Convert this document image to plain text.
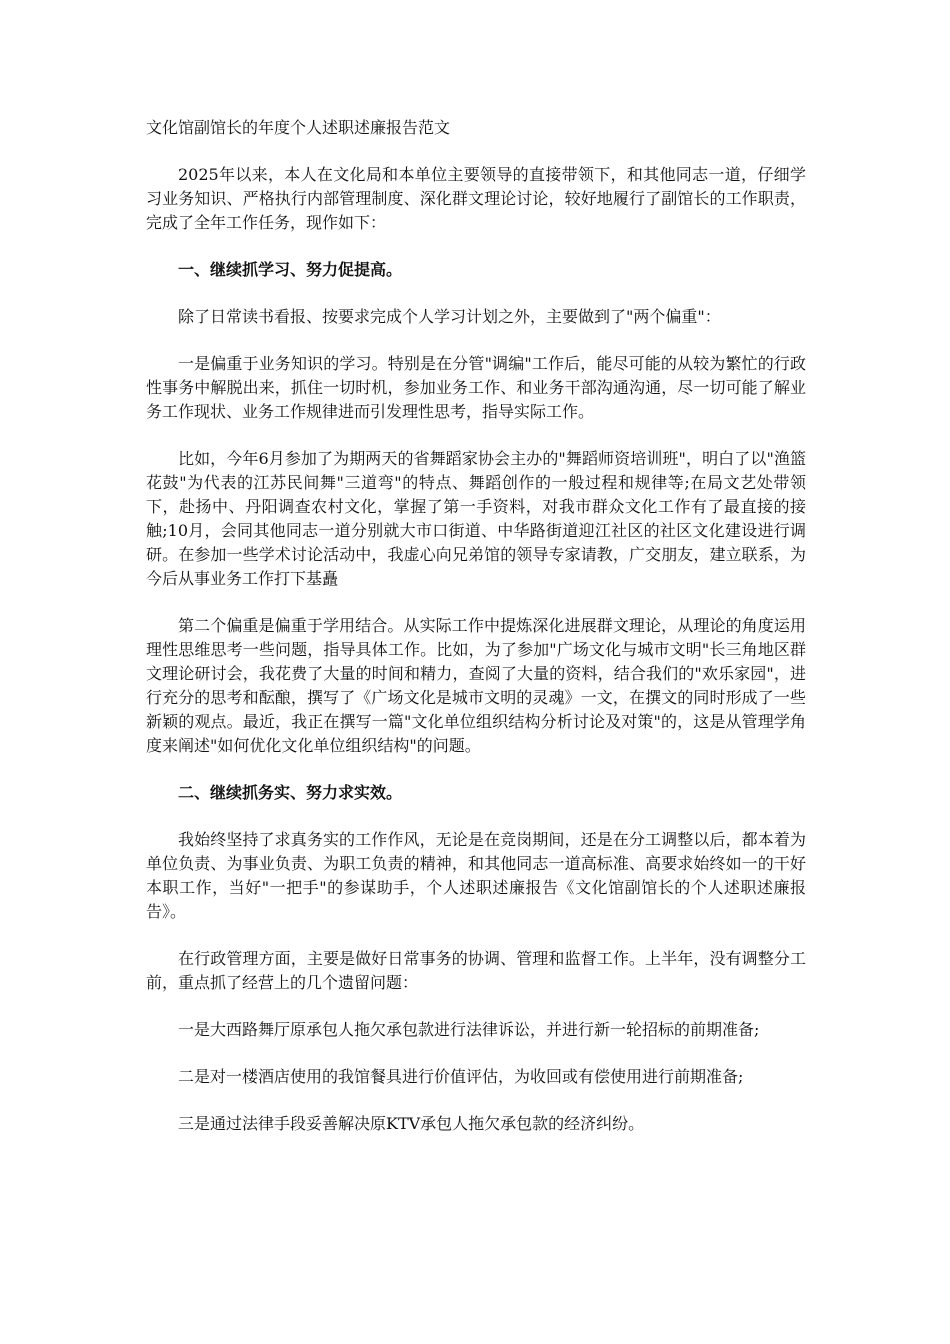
文化馆副馆长的年度个人述职述廉报告范文

2025年以来，本人在文化局和本单位主要领导的直接带领下，和其他同志一道，仔细学习业务知识、严格执行内部管理制度、深化群文理论讨论，较好地履行了副馆长的工作职责，完成了全年工作任务，现作如下：

一、继续抓学习、努力促提高。

除了日常读书看报、按要求完成个人学习计划之外，主要做到了"两个偏重"：

一是偏重于业务知识的学习。特别是在分管"调编"工作后，能尽可能的从较为繁忙的行政性事务中解脱出来，抓住一切时机，参加业务工作、和业务干部沟通沟通，尽一切可能了解业务工作现状、业务工作规律进而引发理性思考，指导实际工作。

比如，今年6月参加了为期两天的省舞蹈家协会主办的"舞蹈师资培训班"，明白了以"渔篮花鼓"为代表的江苏民间舞"三道弯"的特点、舞蹈创作的一般过程和规律等;在局文艺处带领下，赴扬中、丹阳调查农村文化，掌握了第一手资料，对我市群众文化工作有了最直接的接触;10月，会同其他同志一道分别就大市口街道、中华路街道迎江社区的社区文化建设进行调研。在参加一些学术讨论活动中，我虚心向兄弟馆的领导专家请教，广交朋友，建立联系，为今后从事业务工作打下基矗

第二个偏重是偏重于学用结合。从实际工作中提炼深化进展群文理论，从理论的角度运用理性思维思考一些问题，指导具体工作。比如，为了参加"广场文化与城市文明"长三角地区群文理论研讨会，我花费了大量的时间和精力，查阅了大量的资料，结合我们的"欢乐家园"，进行充分的思考和酝酿，撰写了《广场文化是城市文明的灵魂》一文，在撰文的同时形成了一些新颖的观点。最近，我正在撰写一篇"文化单位组织结构分析讨论及对策"的，这是从管理学角度来阐述"如何优化文化单位组织结构"的问题。

二、继续抓务实、努力求实效。

我始终坚持了求真务实的工作作风，无论是在竞岗期间，还是在分工调整以后，都本着为单位负责、为事业负责、为职工负责的精神，和其他同志一道高标准、高要求始终如一的干好本职工作，当好"一把手"的参谋助手，个人述职述廉报告《文化馆副馆长的个人述职述廉报告》。

在行政管理方面，主要是做好日常事务的协调、管理和监督工作。上半年，没有调整分工前，重点抓了经营上的几个遗留问题：

一是大西路舞厅原承包人拖欠承包款进行法律诉讼，并进行新一轮招标的前期准备;

二是对一楼酒店使用的我馆餐具进行价值评估，为收回或有偿使用进行前期准备;

三是通过法律手段妥善解决原KTV承包人拖欠承包款的经济纠纷。
